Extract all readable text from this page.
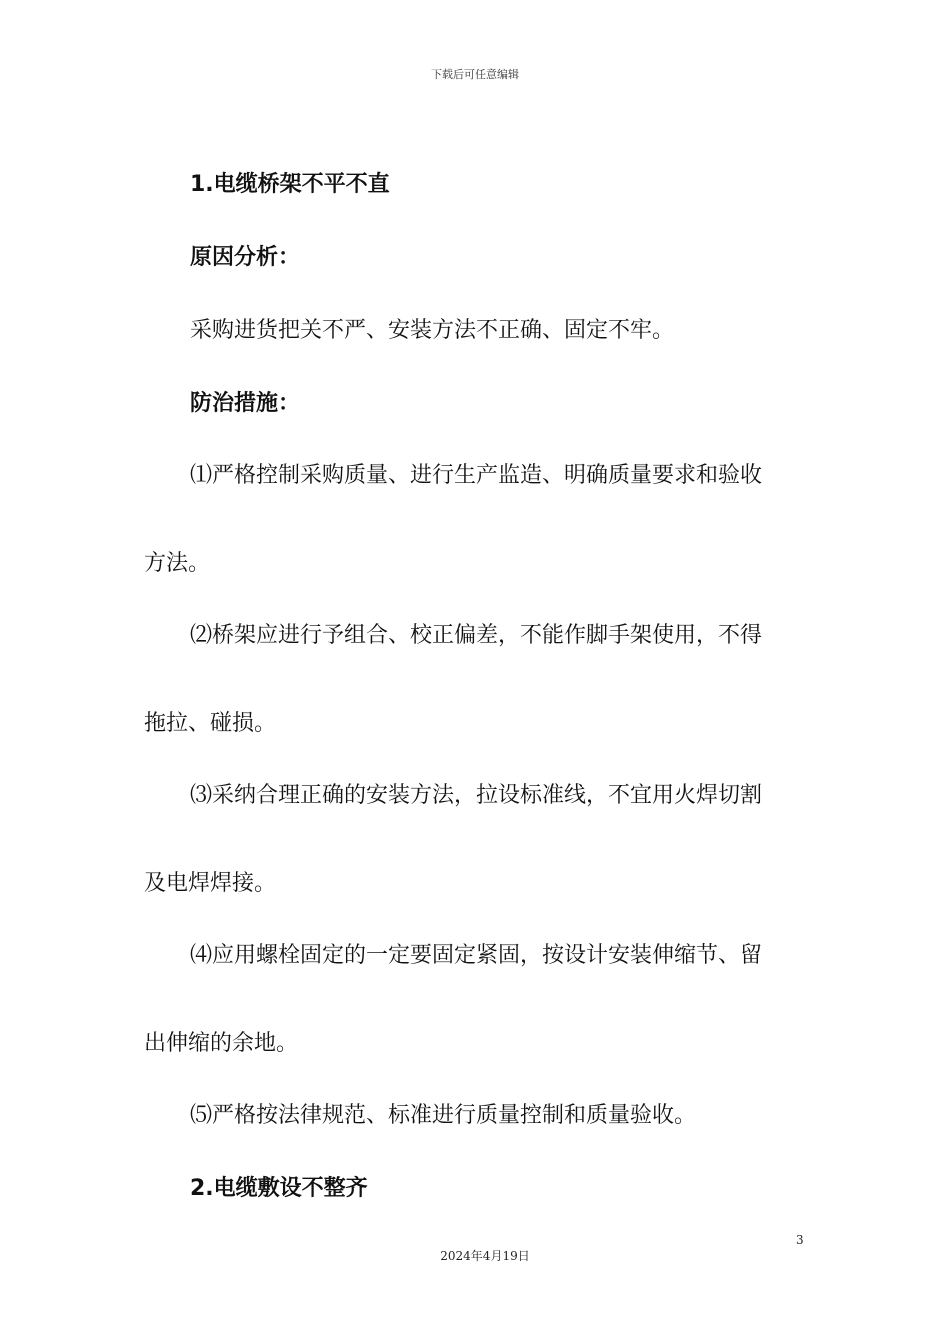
下载后可任意编辑
1.电缆桥架不平不直
原因分析：
采购进货把关不严、安装方法不正确、固定不牢。
防治措施：
⑴严格控制采购质量、进行生产监造、明确质量要求和验收
方法。
⑵桥架应进行予组合、校正偏差，不能作脚手架使用，不得
拖拉、碰损。
⑶采纳合理正确的安装方法，拉设标准线，不宜用火焊切割
及电焊焊接。
⑷应用螺栓固定的一定要固定紧固，按设计安装伸缩节、留
出伸缩的余地。
⑸严格按法律规范、标准进行质量控制和质量验收。
2.电缆敷设不整齐
3
2024年4月19日
